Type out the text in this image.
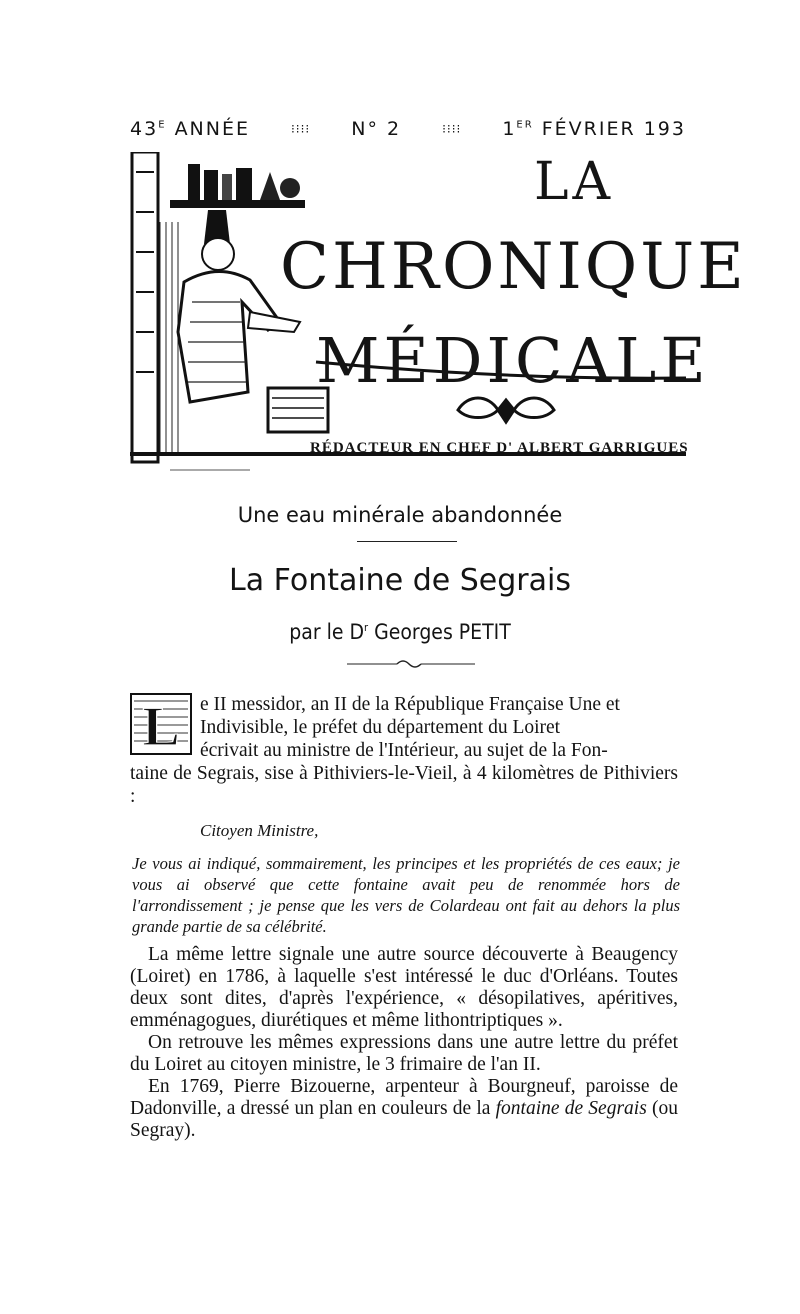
$43^E$ ANNÉE	⁝⁝⁝⁝ N° 2	⁝⁝⁝⁝ 1ER FÉVRIER 193
LA
CHRONIQUE
MÉDICALE
RÉDACTEUR EN CHEF D' ALBERT GARRIGUES
Une eau minérale abandonnée
La Fontaine de Segrais
par le $D^r$ Georges PETIT
L	e II messidor, an II de la République Française Une et
Indivisible, le préfet du département du Loiret
écrivait au ministre de l'Intérieur, au sujet de la Fon-
taine de Segrais, sise à Pithiviers-le-Vieil, à 4 kilomètres de Pithiviers :
Citoyen Ministre,
Je vous ai indiqué, sommairement, les principes et les propriétés de ces eaux; je vous ai observé que cette fontaine avait peu de renommée hors de l'arrondissement ; je pense que les vers de Colardeau ont fait au dehors la plus grande partie de sa célébrité.

La même lettre signale une autre source découverte à Beaugency (Loiret) en 1786, à laquelle s'est intéressé le duc d'Orléans. Toutes deux sont dites, d'après l'expérience, « désopilatives, apéritives, emménagogues, diurétiques et même lithontriptiques ».

On retrouve les mêmes expressions dans une autre lettre du préfet du Loiret au citoyen ministre, le 3 frimaire de l'an II.

En 1769, Pierre Bizouerne, arpenteur à Bourgneuf, paroisse de Dadonville, a dressé un plan en couleurs de la fontaine de Segrais (ou Segray).
